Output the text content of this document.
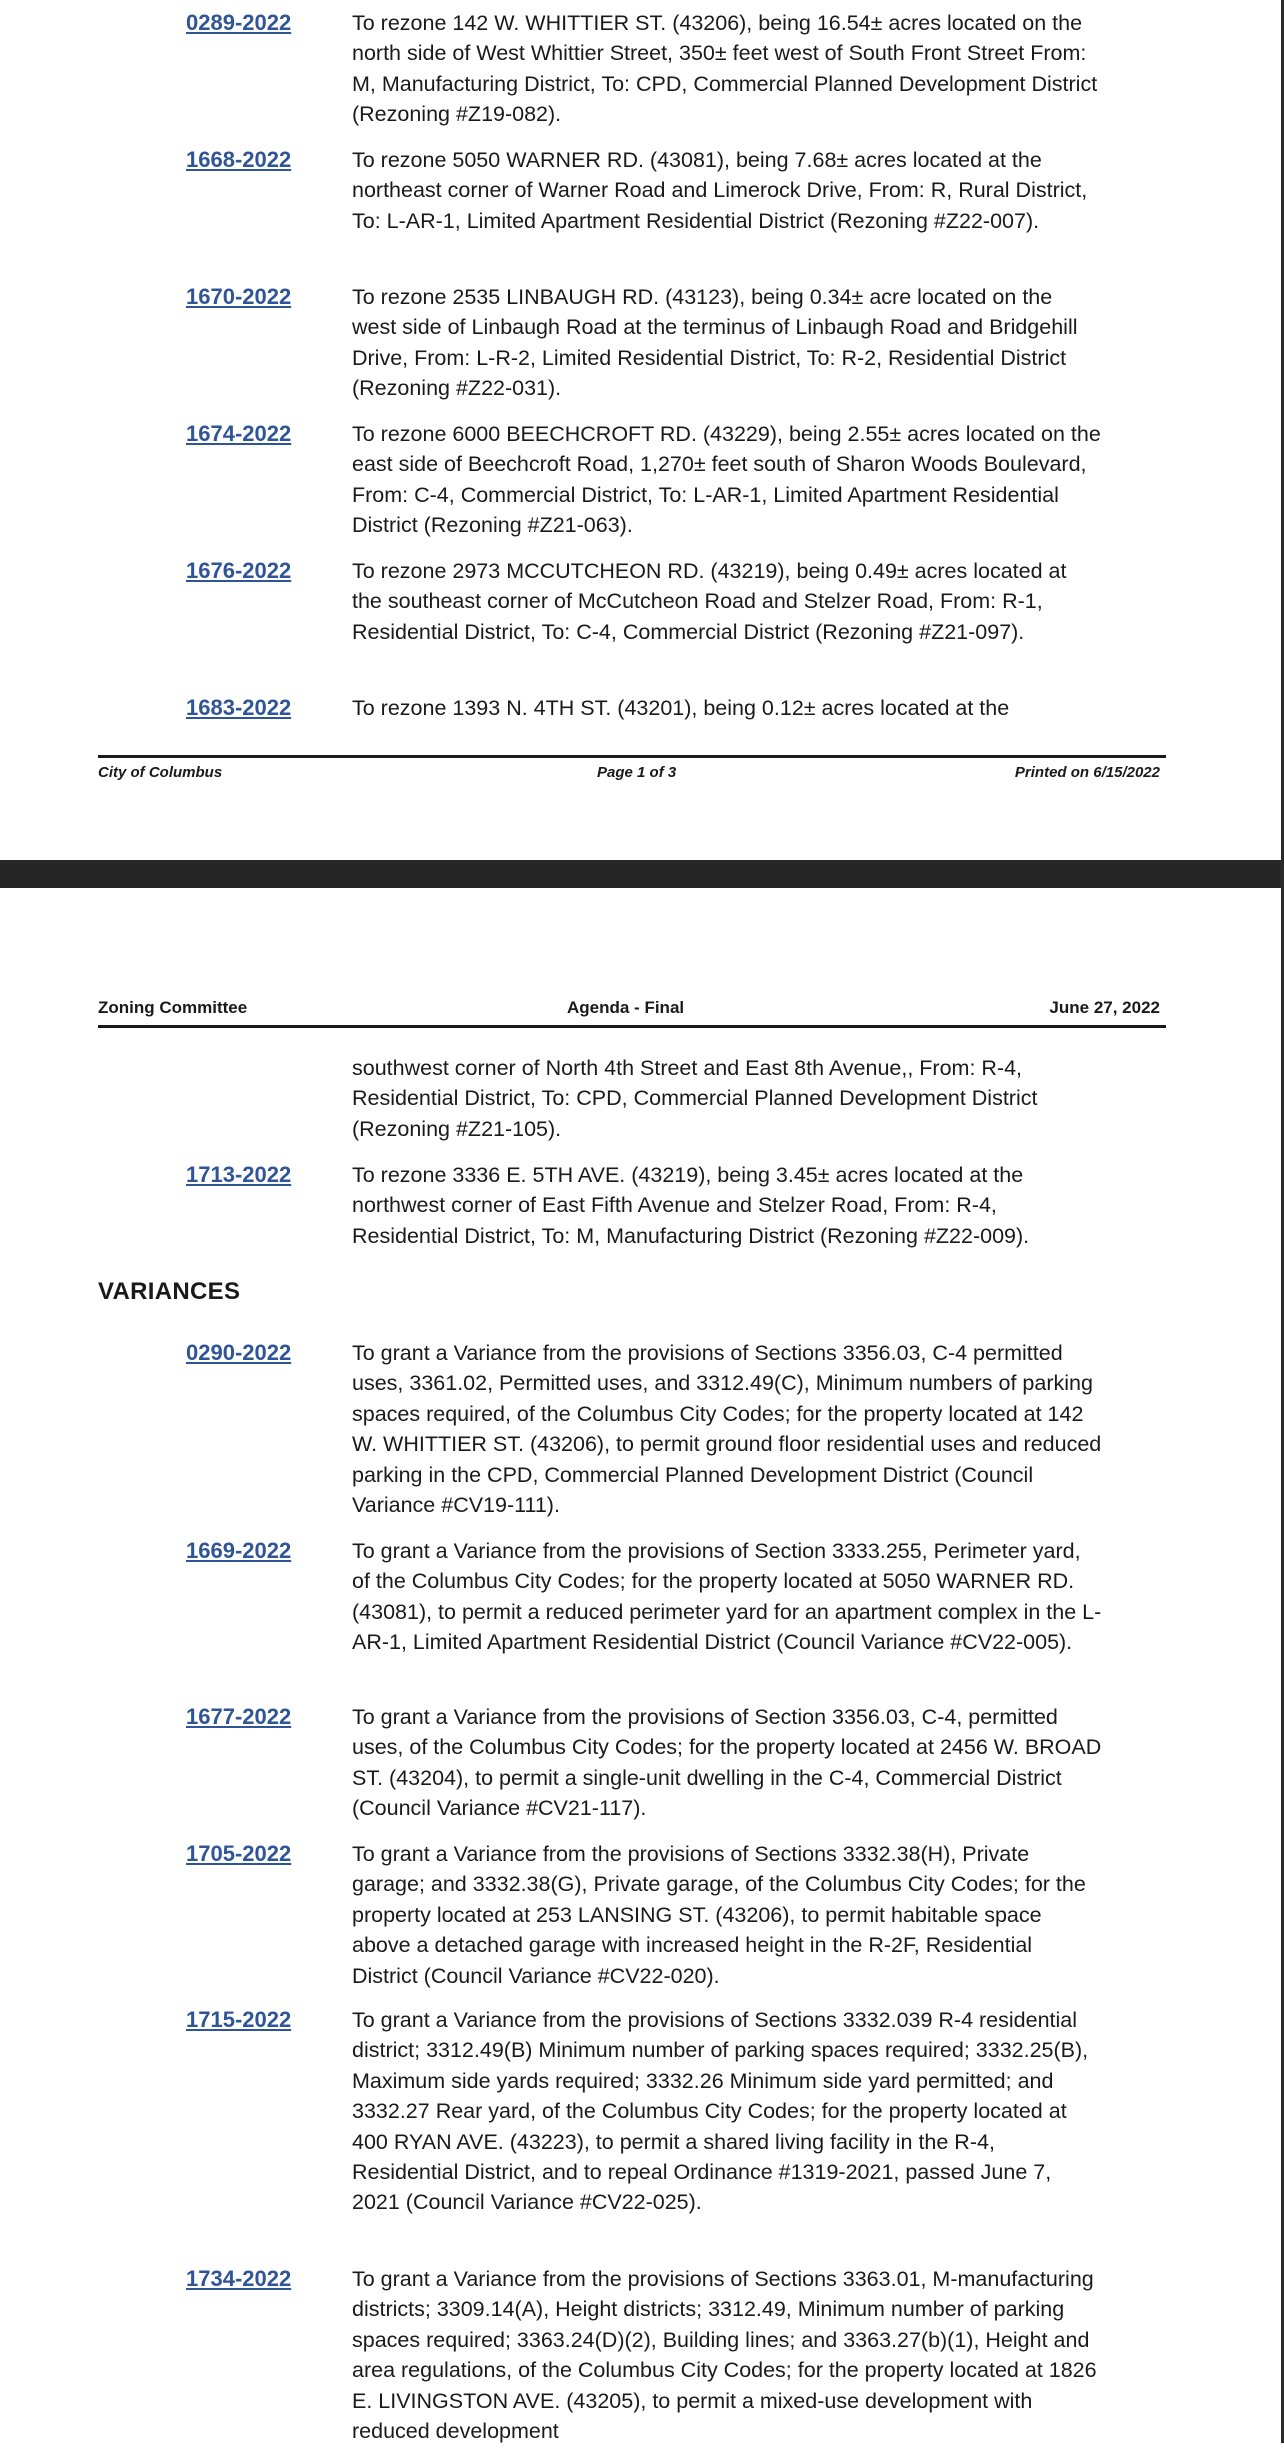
0289-2022	To rezone 142 W. WHITTIER ST. (43206), being 16.54± acres located on the north side of West Whittier Street, 350± feet west of South Front Street From: M, Manufacturing District, To: CPD, Commercial Planned Development District (Rezoning #Z19-082).
1668-2022	To rezone 5050 WARNER RD. (43081), being 7.68± acres located at the northeast corner of Warner Road and Limerock Drive, From: R, Rural District, To: L-AR-1, Limited Apartment Residential District (Rezoning #Z22-007).
1670-2022	To rezone 2535 LINBAUGH RD. (43123), being 0.34± acre located on the west side of Linbaugh Road at the terminus of Linbaugh Road and Bridgehill Drive, From: L-R-2, Limited Residential District, To: R-2, Residential District (Rezoning #Z22-031).
1674-2022	To rezone 6000 BEECHCROFT RD. (43229), being 2.55± acres located on the east side of Beechcroft Road, 1,270± feet south of Sharon Woods Boulevard, From: C-4, Commercial District, To: L-AR-1, Limited Apartment Residential District (Rezoning #Z21-063).
1676-2022	To rezone 2973 MCCUTCHEON RD. (43219), being 0.49± acres located at the southeast corner of McCutcheon Road and Stelzer Road, From: R-1, Residential District, To: C-4, Commercial District (Rezoning #Z21-097).
1683-2022	To rezone 1393 N. 4TH ST. (43201), being 0.12± acres located at the
City of Columbus	Page 1 of 3	Printed on 6/15/2022
Zoning Committee	Agenda - Final	June 27, 2022
southwest corner of North 4th Street and East 8th Avenue,, From: R-4, Residential District, To: CPD, Commercial Planned Development District (Rezoning #Z21-105).
1713-2022	To rezone 3336 E. 5TH AVE. (43219), being 3.45± acres located at the northwest corner of East Fifth Avenue and Stelzer Road, From: R-4, Residential District, To: M, Manufacturing District (Rezoning #Z22-009).
VARIANCES
0290-2022	To grant a Variance from the provisions of Sections 3356.03, C-4 permitted uses, 3361.02, Permitted uses, and 3312.49(C), Minimum numbers of parking spaces required, of the Columbus City Codes; for the property located at 142 W. WHITTIER ST. (43206), to permit ground floor residential uses and reduced parking in the CPD, Commercial Planned Development District (Council Variance #CV19-111).
1669-2022	To grant a Variance from the provisions of Section 3333.255, Perimeter yard, of the Columbus City Codes; for the property located at 5050 WARNER RD. (43081), to permit a reduced perimeter yard for an apartment complex in the L-AR-1, Limited Apartment Residential District (Council Variance #CV22-005).
1677-2022	To grant a Variance from the provisions of Section 3356.03, C-4, permitted uses, of the Columbus City Codes; for the property located at 2456 W. BROAD ST. (43204), to permit a single-unit dwelling in the C-4, Commercial District (Council Variance #CV21-117).
1705-2022	To grant a Variance from the provisions of Sections 3332.38(H), Private garage; and 3332.38(G), Private garage, of the Columbus City Codes; for the property located at 253 LANSING ST. (43206), to permit habitable space above a detached garage with increased height in the R-2F, Residential District (Council Variance #CV22-020).
1715-2022	To grant a Variance from the provisions of Sections 3332.039 R-4 residential district; 3312.49(B) Minimum number of parking spaces required; 3332.25(B), Maximum side yards required; 3332.26 Minimum side yard permitted; and 3332.27 Rear yard, of the Columbus City Codes; for the property located at 400 RYAN AVE. (43223), to permit a shared living facility in the R-4, Residential District, and to repeal Ordinance #1319-2021, passed June 7, 2021 (Council Variance #CV22-025).
1734-2022	To grant a Variance from the provisions of Sections 3363.01, M-manufacturing districts; 3309.14(A), Height districts; 3312.49, Minimum number of parking spaces required; 3363.24(D)(2), Building lines; and 3363.27(b)(1), Height and area regulations, of the Columbus City Codes; for the property located at 1826 E. LIVINGSTON AVE. (43205), to permit a mixed-use development with reduced development
